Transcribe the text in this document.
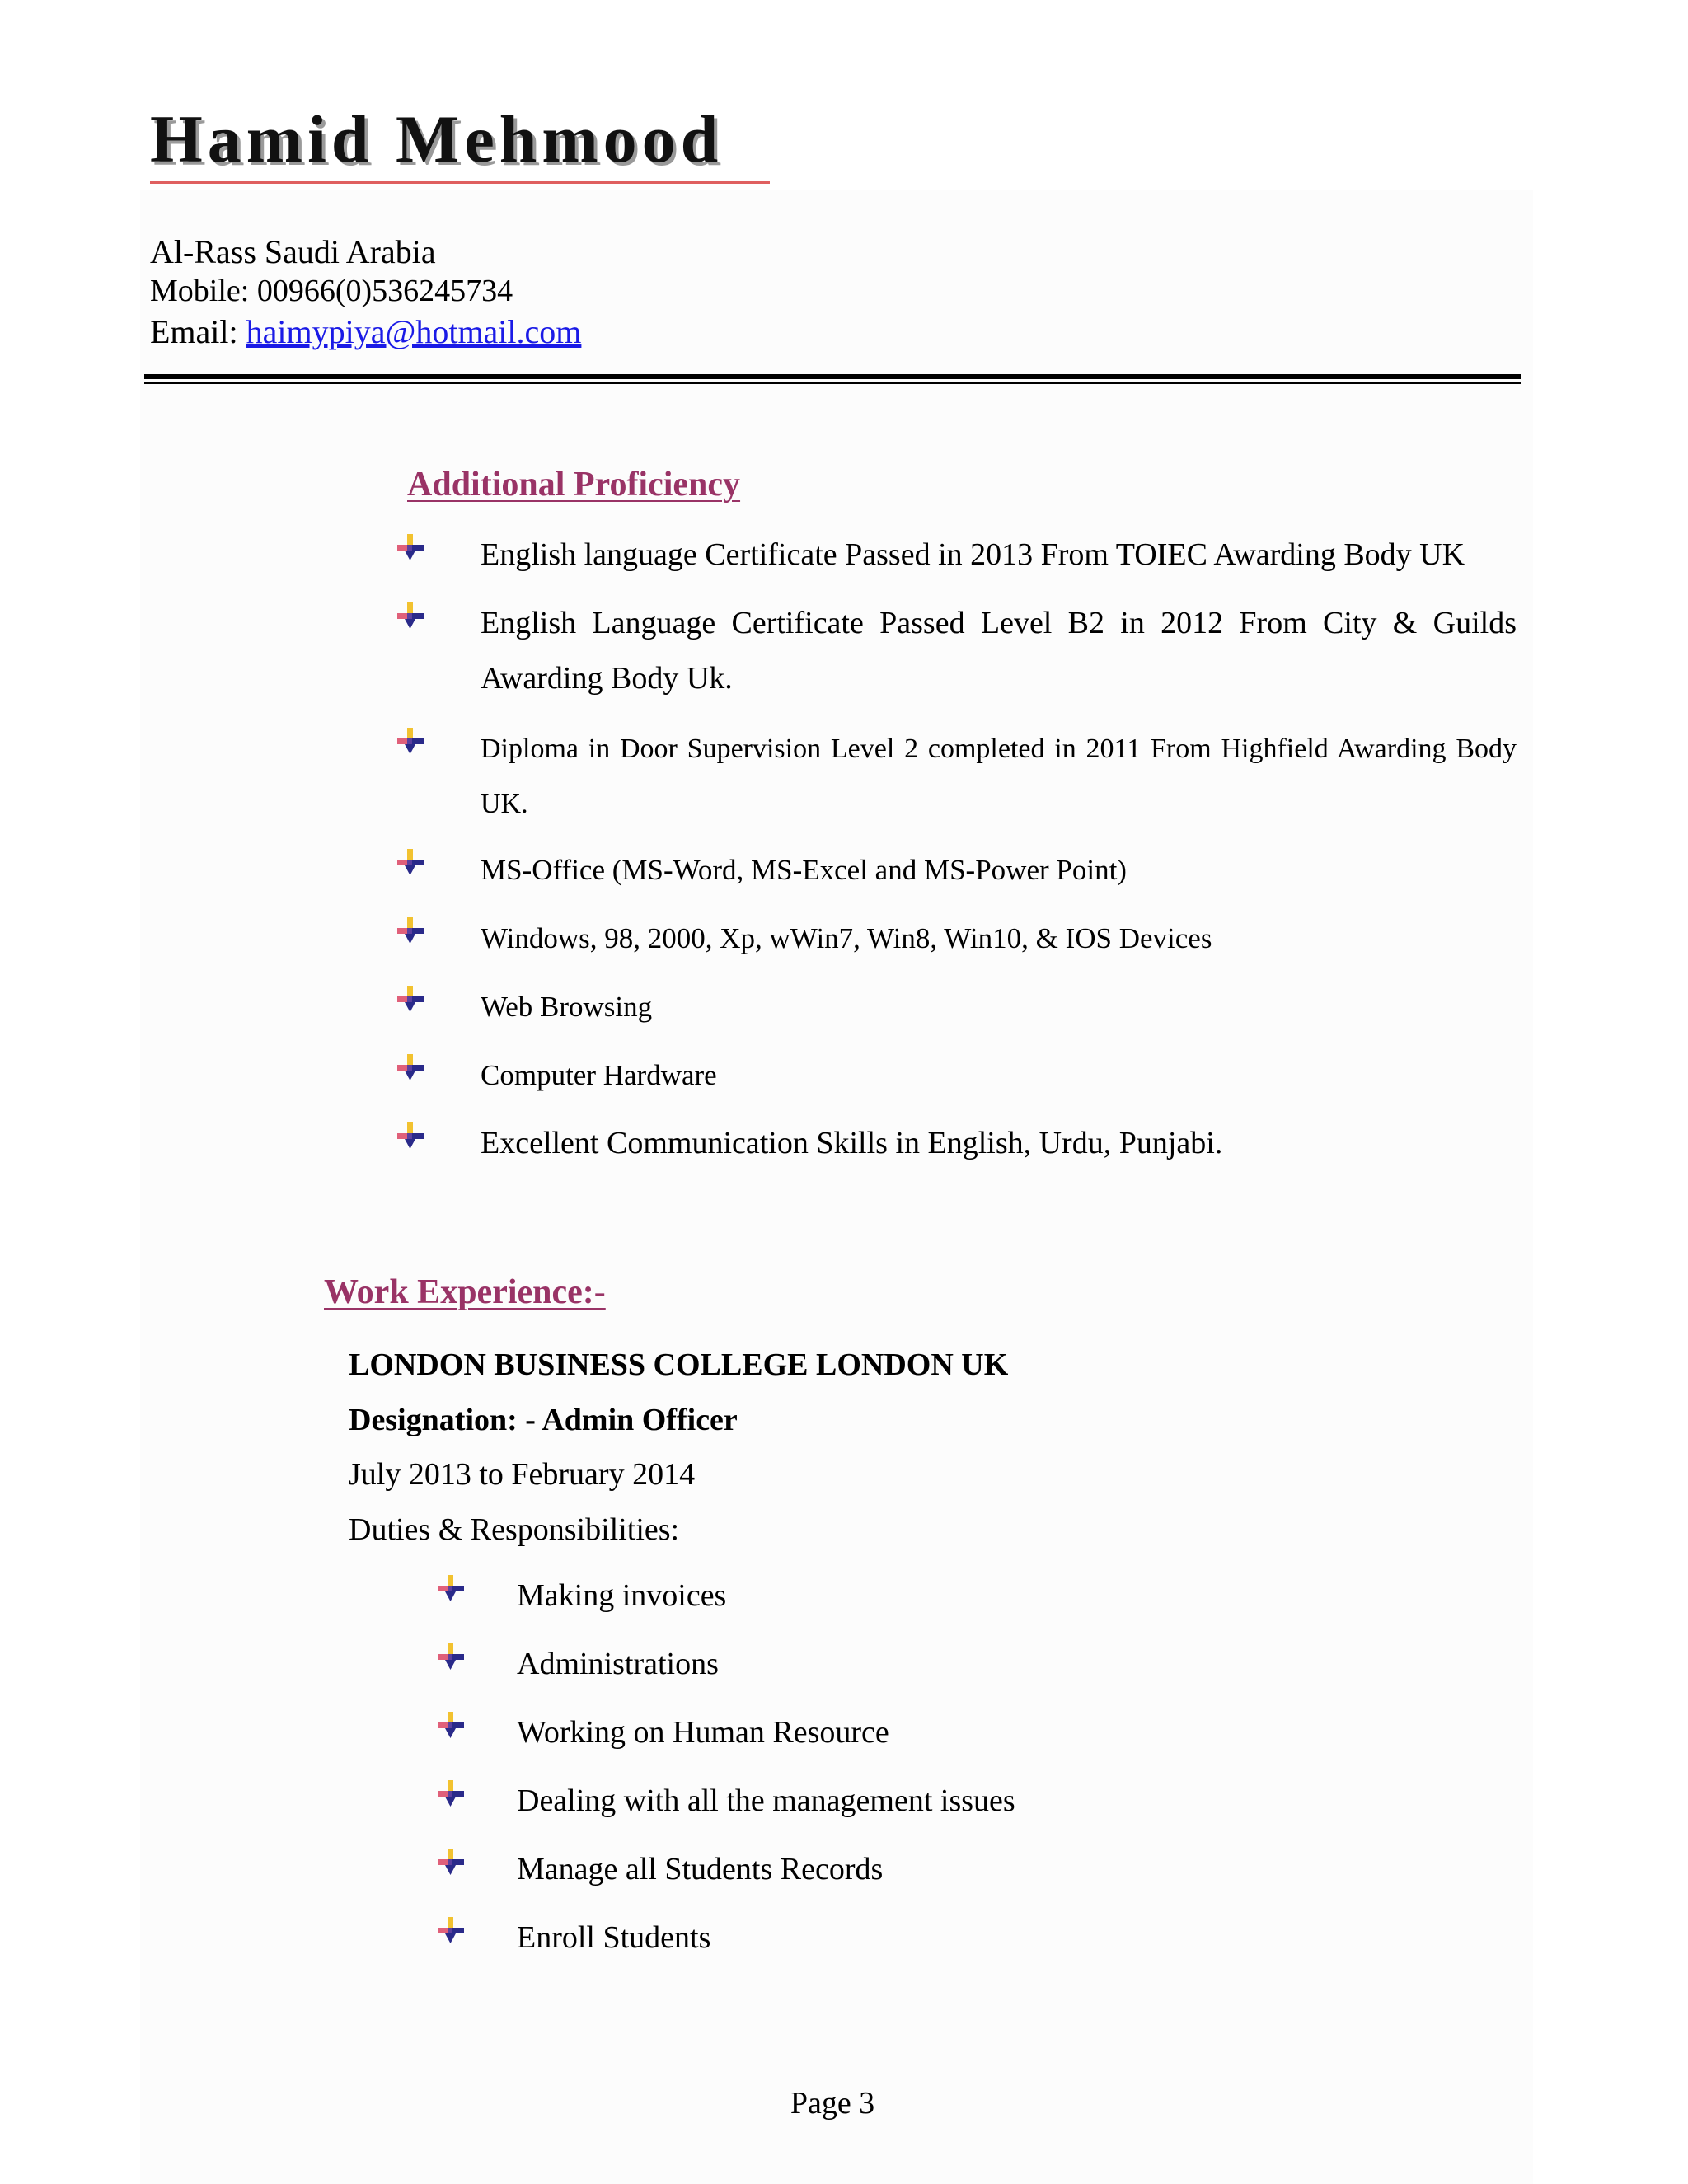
Hamid Mehmood
Al-Rass Saudi Arabia
Mobile: 00966(0)536245734
Email: haimypiya@hotmail.com
Additional Proficiency
English language Certificate Passed in 2013 From TOIEC Awarding Body UK
English Language Certificate Passed Level B2 in 2012 From City & Guilds Awarding Body Uk.
Diploma in Door Supervision Level 2 completed in 2011 From Highfield Awarding Body UK.
MS-Office (MS-Word, MS-Excel and MS-Power Point)
Windows, 98, 2000, Xp, wWin7, Win8, Win10, & IOS Devices
Web Browsing
Computer Hardware
Excellent Communication Skills in English, Urdu, Punjabi.
Work Experience:-
LONDON BUSINESS COLLEGE LONDON UK
Designation: - Admin Officer
July 2013 to February 2014
Duties & Responsibilities:
Making invoices
Administrations
Working on Human Resource
Dealing with all the management issues
Manage all Students Records
Enroll Students
Page 3
